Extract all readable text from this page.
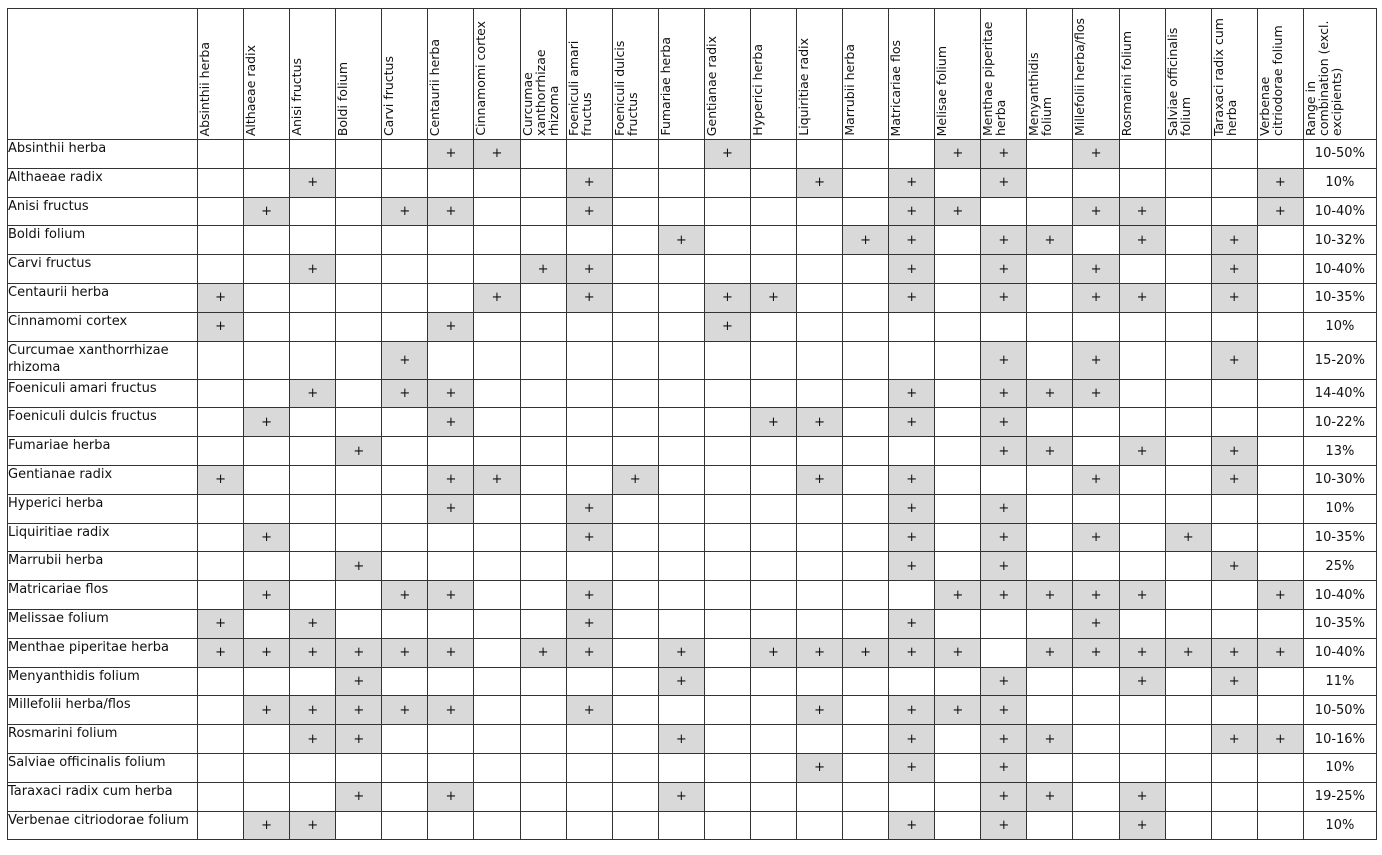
	Absinthii herba	Althaeae radix	Anisi fructus	Boldi folium	Carvi fructus	Centaurii herba	Cinnamomi cortex	Curcumae xanthorrhizae rhizoma	Foeniculi amari fructus	Foeniculi dulcis fructus	Fumariae herba	Gentianae radix	Hyperici herba	Liquiritiae radix	Marrubii herba	Matricariae flos	Melisae folium	Menthae piperitae herba	Menyanthidis folium	Millefolii herba/flos	Rosmarini folium	Salviae officinalis folium	Taraxaci radix cum herba	Verbenae citriodorae folium	Range in combination (excl. excipients)

Absinthii herba						+	+					+					+	+		+					10-50%
Althaeae radix			+						+					+		+		+						+	10%
Anisi fructus		+			+	+			+							+	+			+	+			+	10-40%
Boldi folium											+				+	+		+	+		+		+		10-32%
Carvi fructus			+					+	+							+		+		+			+		10-40%
Centaurii herba	+						+		+			+	+			+		+		+	+		+		10-35%
Cinnamomi cortex	+					+						+													10%
Curcumae xanthorrhizae rhizoma					+													+		+			+		15-20%
Foeniculi amari fructus			+		+	+										+		+	+	+					14-40%
Foeniculi dulcis fructus		+				+							+	+		+		+							10-22%
Fumariae herba				+														+	+		+		+		13%
Gentianae radix	+					+	+			+				+		+				+			+		10-30%
Hyperici herba						+			+							+		+							10%
Liquiritiae radix		+							+							+		+		+		+			10-35%
Marrubii herba				+												+		+					+		25%
Matricariae flos		+			+	+			+								+	+	+	+	+			+	10-40%
Melissae folium	+		+						+							+				+					10-35%
Menthae piperitae herba	+	+	+	+	+	+		+	+		+		+	+	+	+	+		+	+	+	+	+	+	10-40%
Menyanthidis folium				+							+							+			+		+		11%
Millefolii herba/flos		+	+	+	+	+			+					+		+	+	+							10-50%
Rosmarini folium			+	+							+					+		+	+				+	+	10-16%
Salviae officinalis folium														+		+		+							10%
Taraxaci radix cum herba				+		+					+							+	+		+				19-25%
Verbenae citriodorae folium		+	+													+		+			+				10%
